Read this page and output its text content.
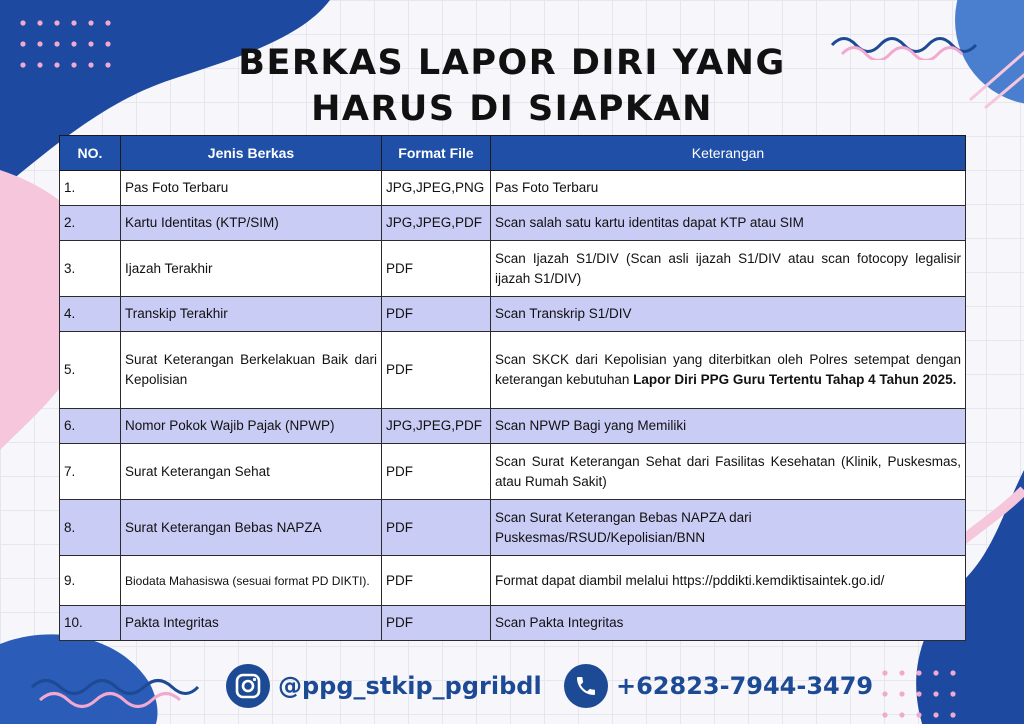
BERKAS LAPOR DIRI YANG
HARUS DI SIAPKAN
NO.	Jenis Berkas	Format File	Keterangan
1.	Pas Foto Terbaru	JPG,JPEG,PNG	Pas Foto Terbaru
2.	Kartu Identitas (KTP/SIM)	JPG,JPEG,PDF	Scan salah satu kartu identitas dapat KTP atau SIM
3.	Ijazah Terakhir	PDF	Scan Ijazah S1/DIV (Scan asli ijazah S1/DIV atau scan fotocopy legalisir ijazah S1/DIV)
4.	Transkip Terakhir	PDF	Scan Transkrip S1/DIV
5.	Surat Keterangan Berkelakuan Baik dari Kepolisian	PDF	Scan SKCK dari Kepolisian yang diterbitkan oleh Polres setempat dengan keterangan kebutuhan Lapor Diri PPG Guru Tertentu Tahap 4 Tahun 2025.
6.	Nomor Pokok Wajib Pajak (NPWP)	JPG,JPEG,PDF	Scan NPWP Bagi yang Memiliki
7.	Surat Keterangan Sehat	PDF	Scan Surat Keterangan Sehat dari Fasilitas Kesehatan (Klinik, Puskesmas, atau Rumah Sakit)
8.	Surat Keterangan Bebas NAPZA	PDF	Scan Surat Keterangan Bebas NAPZA dari Puskesmas/RSUD/Kepolisian/BNN
9.	Biodata Mahasiswa (sesuai format PD DIKTI).	PDF	Format dapat diambil melalui https://pddikti.kemdiktisaintek.go.id/
10.	Pakta Integritas	PDF	Scan Pakta Integritas
@ppg_stkip_pgribdl	+62823-7944-3479
